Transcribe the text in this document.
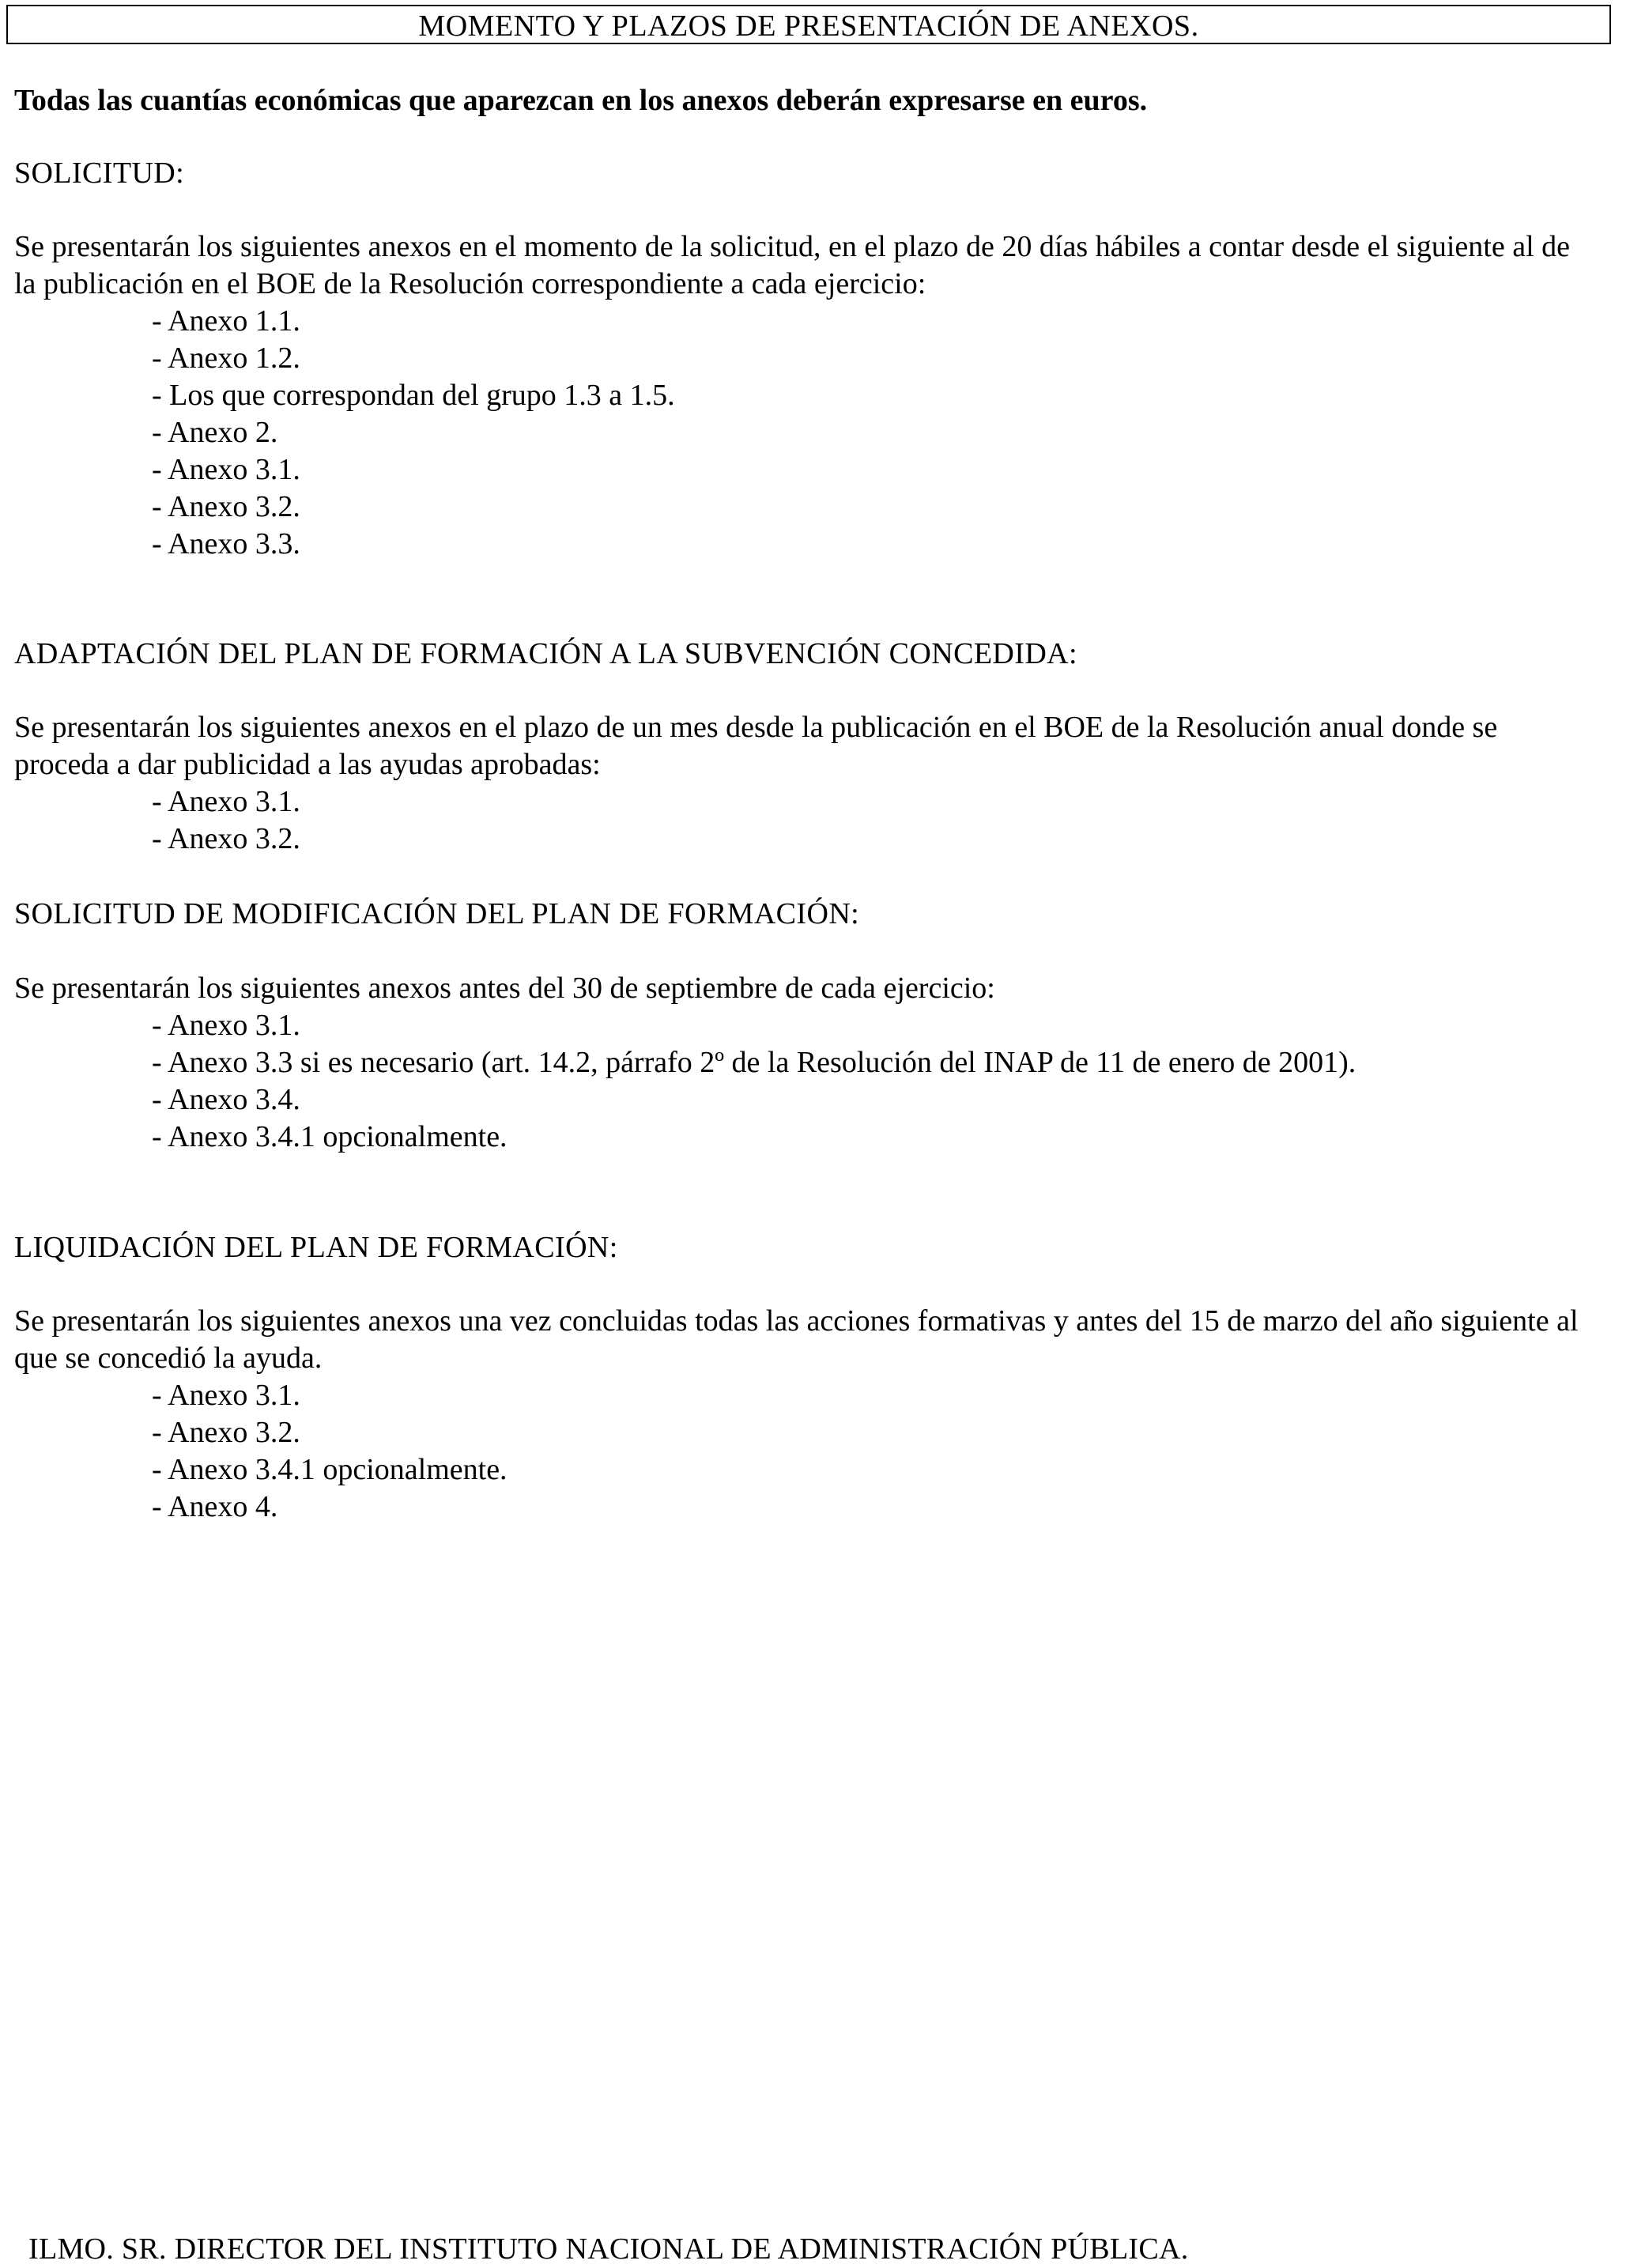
MOMENTO Y PLAZOS DE PRESENTACIÓN DE ANEXOS.
Todas las cuantías económicas que aparezcan en los anexos deberán expresarse en euros.
SOLICITUD:
Se presentarán los siguientes anexos en el momento de la solicitud, en el plazo de 20 días hábiles a contar desde el siguiente al de la publicación en el BOE de la Resolución correspondiente a cada ejercicio:
- Anexo 1.1.
- Anexo 1.2.
- Los que correspondan del grupo 1.3 a 1.5.
- Anexo 2.
- Anexo 3.1.
- Anexo 3.2.
- Anexo 3.3.
ADAPTACIÓN DEL PLAN DE FORMACIÓN A LA SUBVENCIÓN CONCEDIDA:
Se presentarán los siguientes anexos en el plazo de un mes desde la publicación en el BOE de la Resolución anual donde se proceda a dar publicidad a las ayudas aprobadas:
- Anexo 3.1.
- Anexo 3.2.
SOLICITUD DE MODIFICACIÓN DEL PLAN DE FORMACIÓN:
Se presentarán los siguientes anexos antes del 30 de septiembre de cada ejercicio:
- Anexo 3.1.
- Anexo 3.3 si es necesario (art. 14.2, párrafo 2º de la Resolución del INAP de 11 de enero de 2001).
- Anexo 3.4.
- Anexo 3.4.1 opcionalmente.
LIQUIDACIÓN DEL PLAN DE FORMACIÓN:
Se presentarán los siguientes anexos una vez concluidas todas las acciones formativas y antes del 15 de marzo del año siguiente al que se concedió la ayuda.
- Anexo 3.1.
- Anexo 3.2.
- Anexo 3.4.1 opcionalmente.
- Anexo 4.
ILMO. SR. DIRECTOR DEL INSTITUTO NACIONAL DE ADMINISTRACIÓN PÚBLICA.
